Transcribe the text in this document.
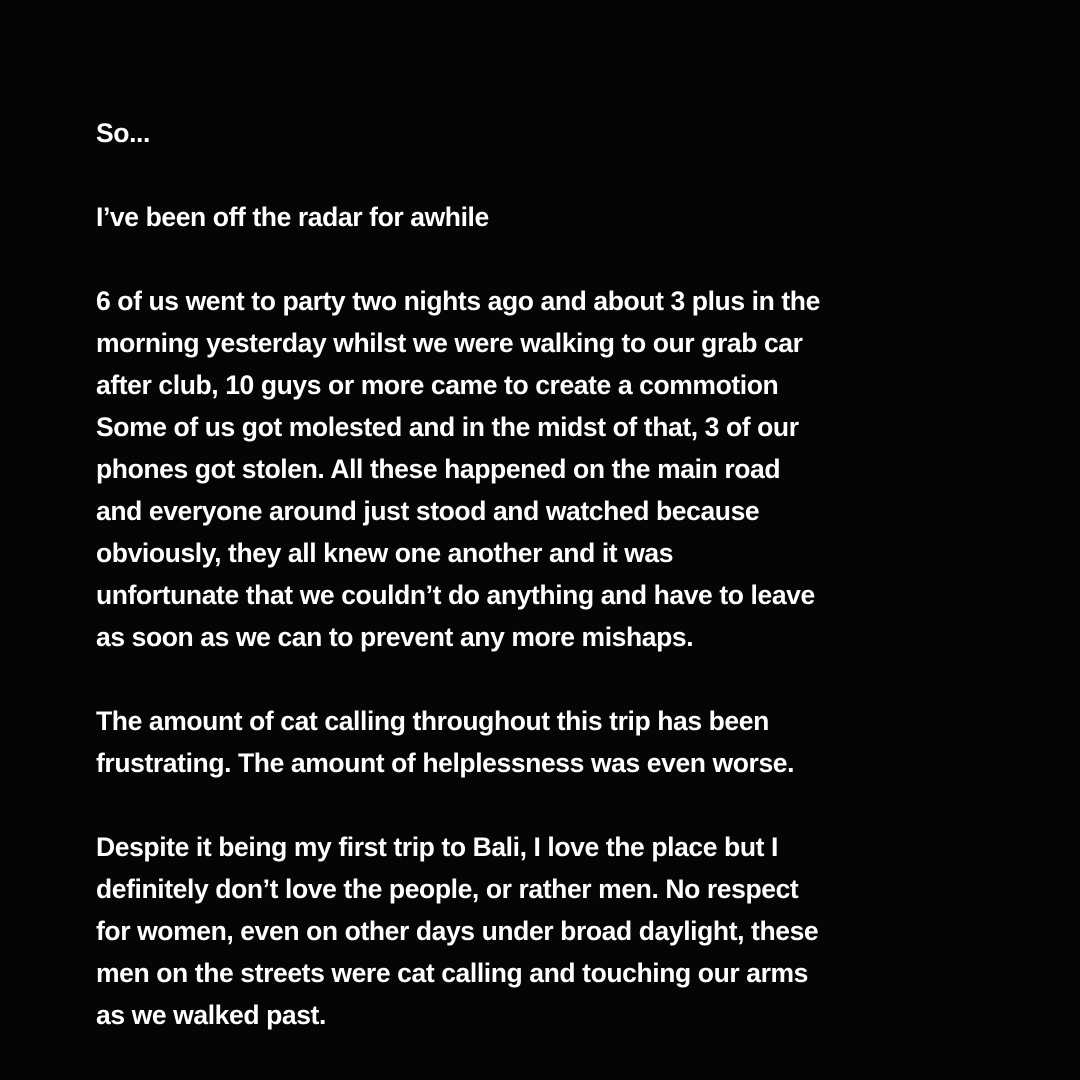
So...
I’ve been off the radar for awhile
6 of us went to party two nights ago and about 3 plus in the
morning yesterday whilst we were walking to our grab car
after club, 10 guys or more came to create a commotion
Some of us got molested and in the midst of that, 3 of our
phones got stolen. All these happened on the main road
and everyone around just stood and watched because
obviously, they all knew one another and it was
unfortunate that we couldn’t do anything and have to leave
as soon as we can to prevent any more mishaps.
The amount of cat calling throughout this trip has been
frustrating. The amount of helplessness was even worse.
Despite it being my first trip to Bali, I love the place but I
definitely don’t love the people, or rather men. No respect
for women, even on other days under broad daylight, these
men on the streets were cat calling and touching our arms
as we walked past.
